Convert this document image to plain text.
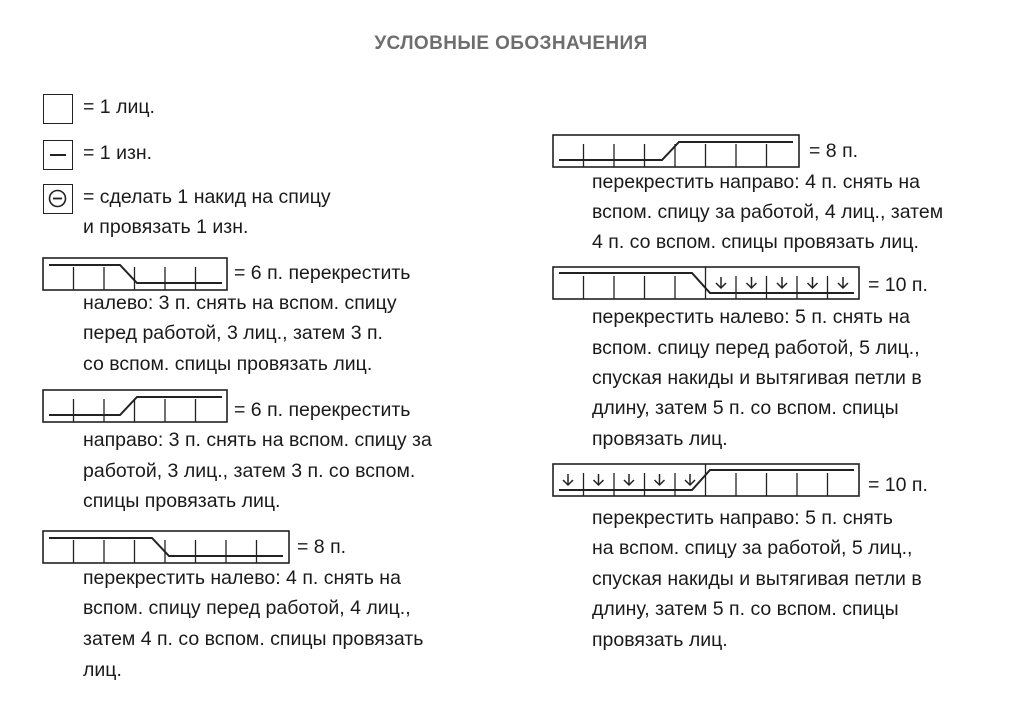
УСЛОВНЫЕ ОБОЗНАЧЕНИЯ
= 1 лиц.
= 1 изн.
= сделать 1 накид на спицу
и провязать 1 изн.
= 6 п. перекрестить
налево: 3 п. снять на вспом. спицу
перед работой, 3 лиц., затем 3 п.
со вспом. спицы провязать лиц.
= 6 п. перекрестить
направо: 3 п. снять на вспом. спицу за
работой, 3 лиц., затем 3 п. со вспом.
спицы провязать лиц.
= 8 п.
перекрестить налево: 4 п. снять на
вспом. спицу перед работой, 4 лиц.,
затем 4 п. со вспом. спицы провязать
лиц.
= 8 п.
перекрестить направо: 4 п. снять на
вспом. спицу за работой, 4 лиц., затем
4 п. со вспом. спицы провязать лиц.
= 10 п.
перекрестить налево: 5 п. снять на
вспом. спицу перед работой, 5 лиц.,
спуская накиды и вытягивая петли в
длину, затем 5 п. со вспом. спицы
провязать лиц.
= 10 п.
перекрестить направо: 5 п. снять
на вспом. спицу за работой, 5 лиц.,
спуская накиды и вытягивая петли в
длину, затем 5 п. со вспом. спицы
провязать лиц.
